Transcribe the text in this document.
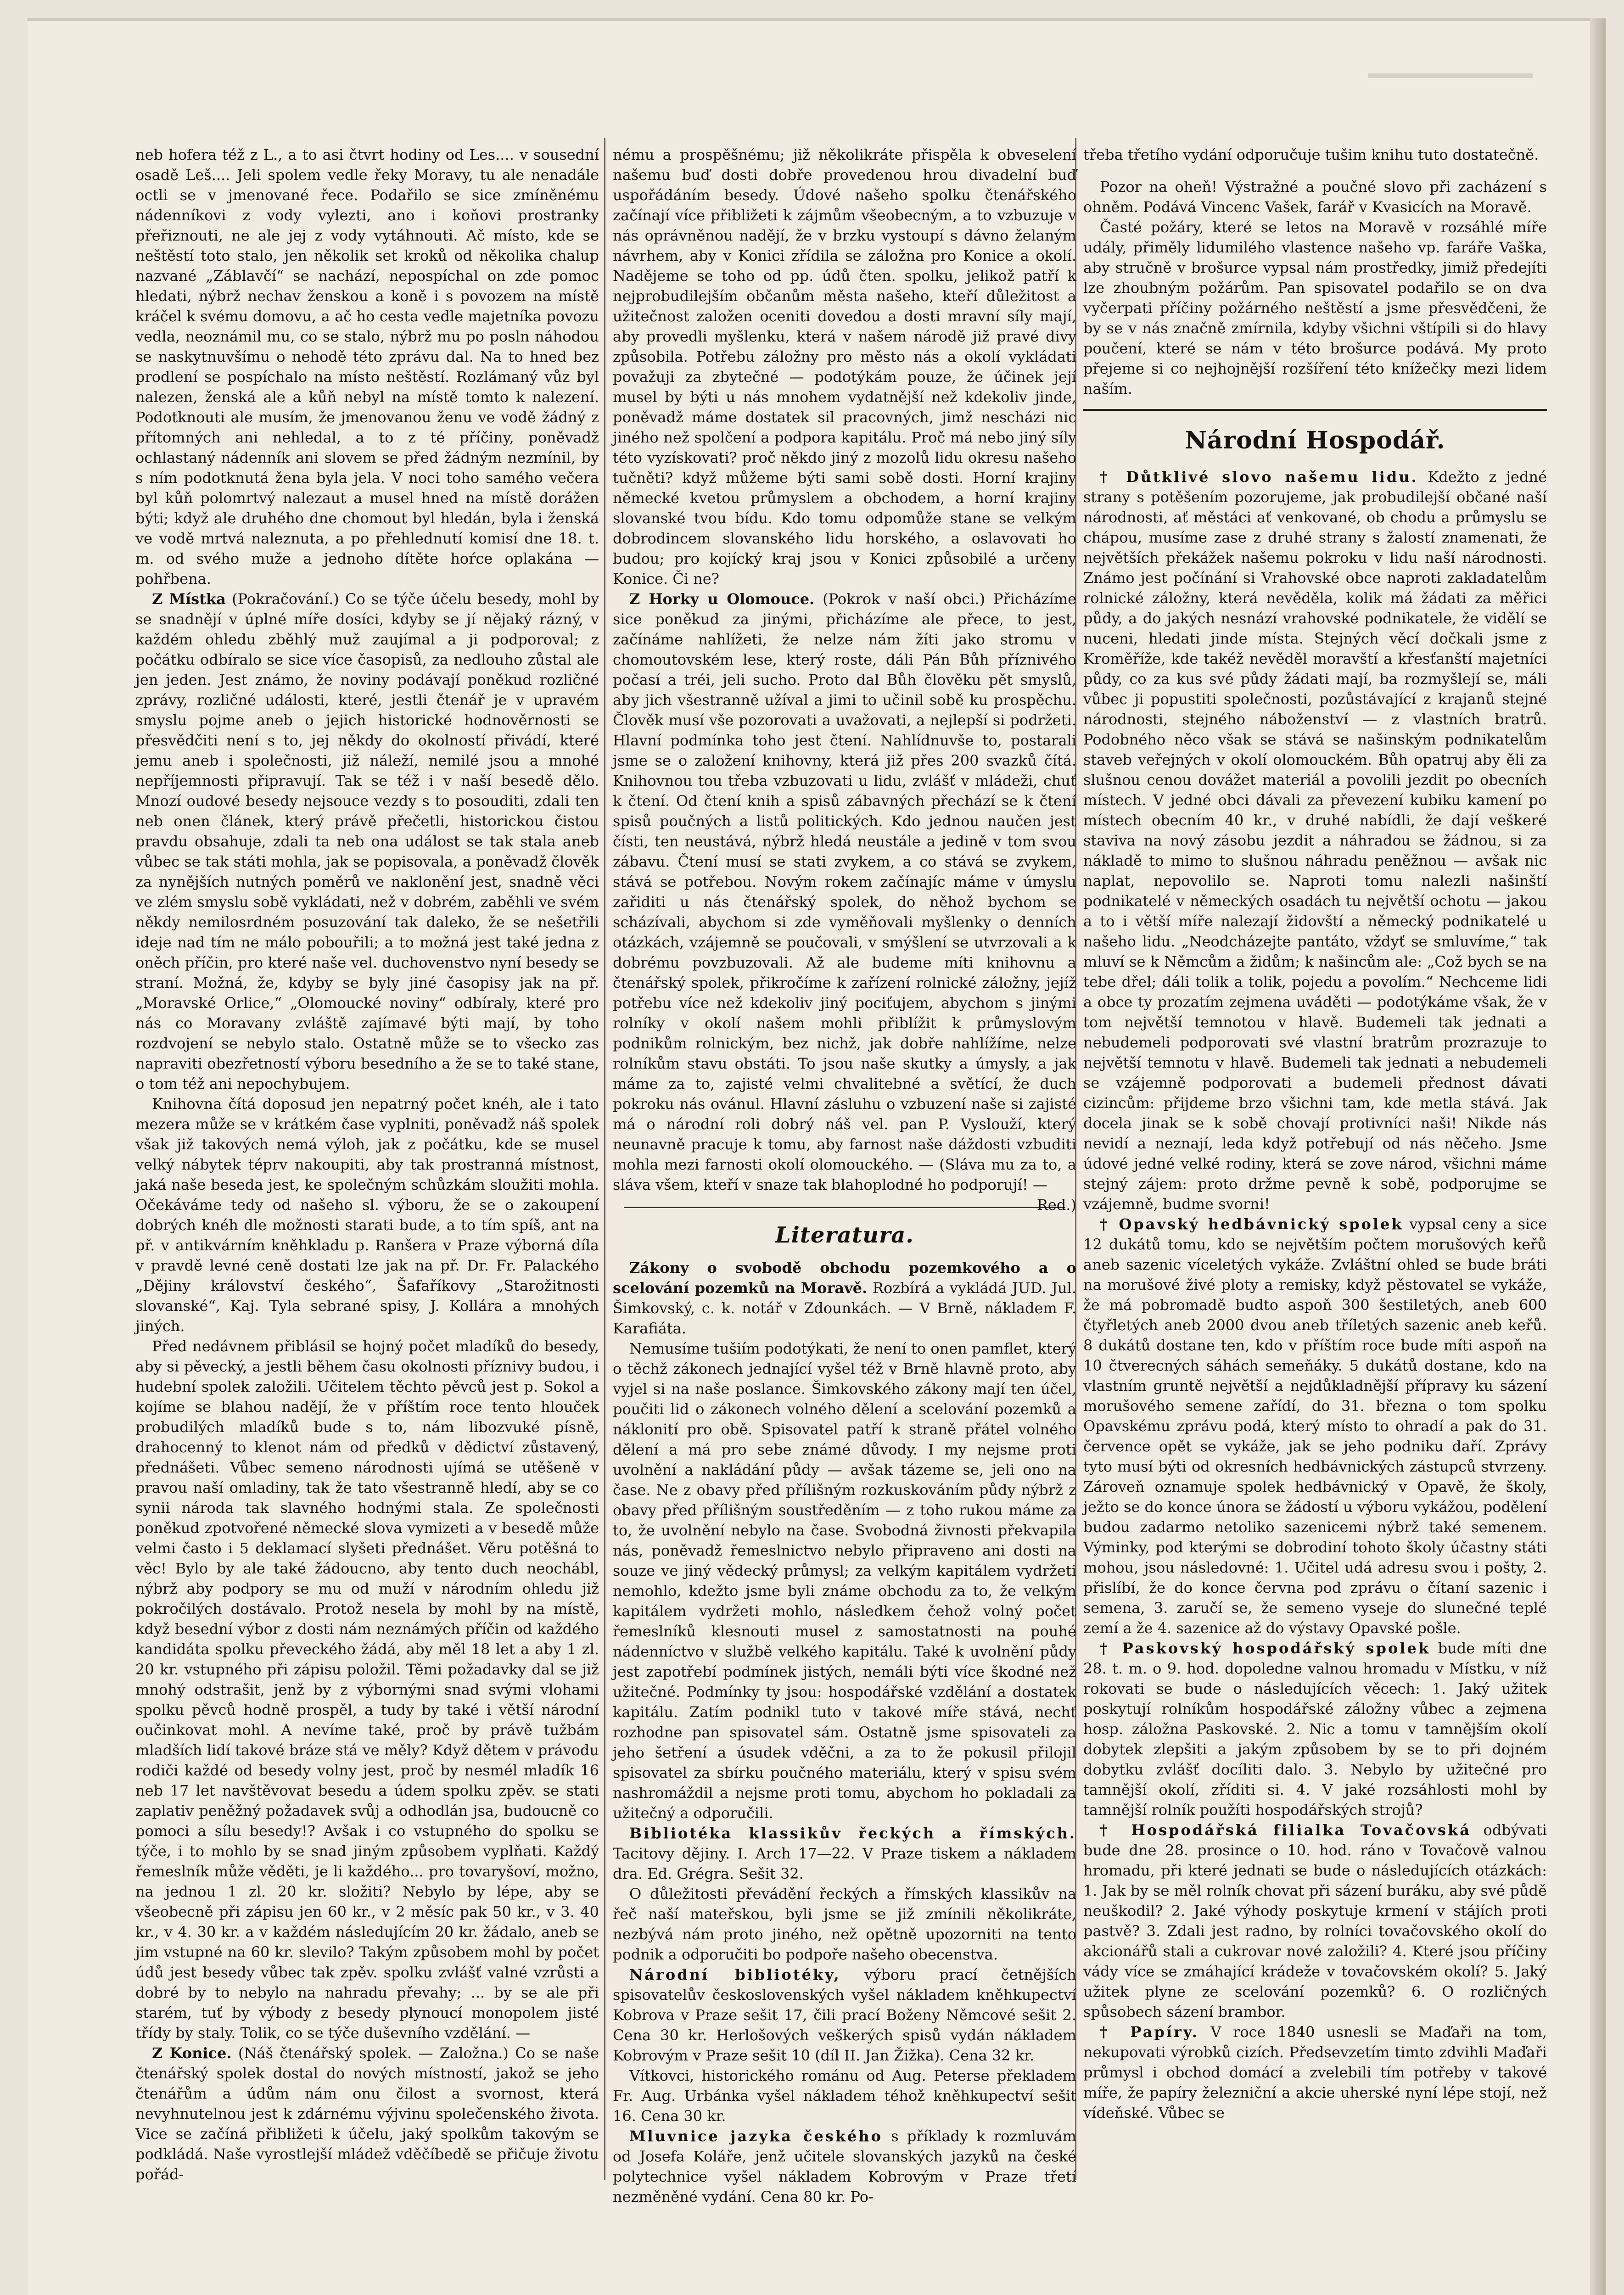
neb hofera též z L., a to asi čtvrt hodiny od Les.... v sousední osadě Leš.... Jeli spolem vedle řeky Moravy, tu ale nenadále octli se v jmenované řece. Podařilo se sice zmíněnému nádenníkovi z vody vylezti, ano i koňovi prostranky přeřiznouti, ne ale jej z vody vytáhnouti. Ač místo, kde se neštěstí toto stalo, jen několik set kroků od několika chalup nazvané „Záblavčí“ se nachází, nepospíchal on zde pomoc hledati, nýbrž nechav ženskou a koně i s povozem na místě kráčel k svému domovu, a ač ho cesta vedle majetníka povozu vedla, neoznámil mu, co se stalo, nýbrž mu po posln náhodou se naskytnuvšímu o nehodě této zprávu dal. Na to hned bez prodlení se pospíchalo na místo neštěstí. Rozlámaný vůz byl nalezen, ženská ale a kůň nebyl na místě tomto k nalezení. Podotknouti ale musím, že jmenovanou ženu ve vodě žádný z přítomných ani nehledal, a to z té příčiny, poněvadž ochlastaný nádenník ani slovem se před žádným nezmínil, by s ním podotknutá žena byla jela. V noci toho samého večera byl kůň polomrtvý nalezaut a musel hned na místě dorážen býti; když ale druhého dne chomout byl hledán, byla i ženská ve vodě mrtvá naleznuta, a po přehlednutí komisí dne 18. t. m. od svého muže a jednoho dítěte hoŕce oplakána — pohřbena.

Z Místka (Pokračování.) Co se týče účelu besedy, mohl by se snadnějí v úplné míře dosíci, kdyby se jí nějaký rázný, v každém ohledu zběhlý muž zaujímal a ji podporoval; z počátku odbíralo se sice více časopisů, za nedlouho zůstal ale jen jeden. Jest známo, že noviny podávají poněkud rozličné zprávy, rozličné události, které, jestli čtenář je v upravém smyslu pojme aneb o jejich historické hodnověrnosti se přesvědčiti není s to, jej někdy do okolností přivádí, které jemu aneb i společnosti, již náleží, nemilé jsou a mnohé nepříjemnosti připravují. Tak se též i v naší besedě dělo. Mnozí oudové besedy nejsouce vezdy s to posouditi, zdali ten neb onen článek, který právě přečetli, historickou čistou pravdu obsahuje, zdali ta neb ona událost se tak stala aneb vůbec se tak státi mohla, jak se popisovala, a poněvadž člověk za nynějších nutných poměrů ve naklonění jest, snadně věci ve zlém smyslu sobě vykládati, než v dobrém, zaběhli ve svém někdy nemilosrdném posuzování tak daleko, že se nešetřili ideje nad tím ne málo pobouřili; a to možná jest také jedna z oněch příčin, pro které naše vel. duchovenstvo nyní besedy se straní. Možná, že, kdyby se byly jiné časopisy jak na př. „Moravské Orlice,“ „Olomoucké noviny“ odbíraly, které pro nás co Moravany zvláště zajímavé býti mají, by toho rozdvojení se nebylo stalo. Ostatně může se to všecko zas napraviti obezřetností výboru besedního a že se to také stane, o tom též ani nepochybujem.

Knihovna čítá doposud jen nepatrný počet knéh, ale i tato mezera může se v krátkém čase vyplniti, poněvadž náš spolek však již takových nemá výloh, jak z počátku, kde se musel velký nábytek téprv nakoupiti, aby tak prostranná místnost, jaká naše beseda jest, ke společným schůzkám sloužiti mohla. Očekáváme tedy od našeho sl. výboru, že se o zakoupení dobrých knéh dle možnosti starati bude, a to tím spíš, ant na př. v antikvárním kněhkladu p. Ranšera v Praze výborná díla v pravdě levné ceně dostati lze jak na př. Dr. Fr. Palackého „Dějiny království českého“, Šafaříkovy „Starožitnosti slovanské“, Kaj. Tyla sebrané spisy, J. Kollára a mnohých jiných.

Před nedávnem přiblásil se hojný počet mladíků do besedy, aby si pěvecký, a jestli během času okolnosti příznivy budou, i hudební spolek založili. Učitelem těchto pěvců jest p. Sokol a kojíme se blahou nadějí, že v příštím roce tento hlouček probudilých mladíků bude s to, nám libozvuké písně, drahocenný to klenot nám od předků v dědictví zůstavený, přednášeti. Vůbec semeno národnosti ujímá se utěšeně v pravou naší omladiny, tak že tato všestranně hledí, aby se co synii národa tak slavného hodnými stala. Ze společnosti poněkud zpotvořené německé slova vymizeti a v besedě může velmi často i 5 deklamací slyšeti přednášet. Věru potěšná to věc! Bylo by ale také žádoucno, aby tento duch neochábl, nýbrž aby podpory se mu od muží v národním ohledu již pokročilých dostávalo. Protož nesela by mohl by na místě, když besední výbor z dosti nám neznámých příčin od každého kandidáta spolku převeckého žádá, aby měl 18 let a aby 1 zl. 20 kr. vstupného při zápisu položil. Těmi požadavky dal se již mnohý odstrašit, jenž by z výbornými snad svými vlohami spolku pěvců hodně prospěl, a tudy by také i větší národní oučinkovat mohl. A nevíme také, proč by právě tužbám mladších lidí takové bráze stá ve měly? Když dětem v právodu rodiči každé od besedy volny jest, proč by nesmél mladík 16 neb 17 let navštěvovat besedu a údem spolku zpěv. se stati zaplativ peněžný požadavek svůj a odhodlán jsa, budoucně co pomoci a sílu besedy!? Avšak i co vstupného do spolku se týče, i to mohlo by se snad jiným způsobem vyplňati. Každý řemeslník může věděti, je li každého... pro tovaryšoví, možno, na jednou 1 zl. 20 kr. složiti? Nebylo by lépe, aby se všeobecně při zápisu jen 60 kr., v 2 měsíc pak 50 kr., v 3. 40 kr., v 4. 30 kr. a v každém následujícím 20 kr. žádalo, aneb se jim vstupné na 60 kr. slevilo? Takým způsobem mohl by počet údů jest besedy vůbec tak zpěv. spolku zvlášť valné vzrůsti a dobré by to nebylo na nahradu převahy; ... by se ale při starém, tuť by výbody z besedy plynoucí monopolem jisté třídy by staly. Tolik, co se týče duševního vzdělání. —

Z Konice. (Náš čtenářský spolek. — Založna.) Co se naše čtenářský spolek dostal do nových místností, jakož se jeho čtenářům a údům nám onu čilost a svornost, která nevyhnutelnou jest k zdárnému výjvinu společenského života. Vice se začíná přibližeti k účelu, jaký spolkům takovým se podkládá. Naše vyrostlejší mládež vděčíbedě se přičuje životu pořád-

nému a prospěšnému; již několikráte přispěla k obveselení našemu buď dosti dobře provedenou hrou divadelní buď uspořádáním besedy. Údové našeho spolku čtenářského začínají více přibližeti k zájmům všeobecným, a to vzbuzuje v nás oprávněnou nadějí, že v brzku vystoupí s dávno želaným návrhem, aby v Konici zřídila se záložna pro Konice a okolí. Nadějeme se toho od pp. údů čten. spolku, jelikož patří k nejprobudilejším občanům města našeho, kteří důležitost a užitečnost založen oceniti dovedou a dosti mravní síly mají, aby provedli myšlenku, která v našem národě již pravé divy způsobila. Potřebu záložny pro město nás a okolí vykládati považuji za zbytečné — podotýkám pouze, že účinek její musel by býti u nás mnohem vydatnější než kdekoliv jinde, poněvadž máme dostatek sil pracovných, jimž nescházi nic jiného než spolčení a podpora kapitálu. Proč má nebo jiný síly této vyzískovati? proč někdo jiný z mozolů lidu okresu našeho tučněti? když můžeme býti sami sobě dosti. Horní krajiny německé kvetou průmyslem a obchodem, a horní krajiny slovanské tvou bídu. Kdo tomu odpomůže stane se velkým dobrodincem slovanského lidu horského, a oslavovati ho budou; pro kojícký kraj jsou v Konici způsobilé a určeny Konice. Či ne?

Z Horky u Olomouce. (Pokrok v naší obci.) Přicházíme sice poněkud za jinými, přicházíme ale přece, to jest, začínáme nahlížeti, že nelze nám žíti jako stromu v chomoutovském lese, který roste, dáli Pán Bůh příznivého počasí a tréi, jeli sucho. Proto dal Bůh člověku pět smyslů, aby jich všestranně užíval a jimi to učinil sobě ku prospěchu. Člověk musí vše pozorovati a uvažovati, a nejlepší si podržeti. Hlavní podmínka toho jest čtení. Nahlídnuvše to, postarali jsme se o založení knihovny, která již přes 200 svazků čítá. Knihovnou tou třeba vzbuzovati u lidu, zvlášť v mládeži, chuť k čtení. Od čtení knih a spisů zábavných přechází se k čtení spisů poučných a listů politických. Kdo jednou naučen jest čísti, ten neustává, nýbrž hledá neustále a jedině v tom svou zábavu. Čtení musí se stati zvykem, a co stává se zvykem, stává se potřebou. Novým rokem začínajíc máme v úmyslu zařiditi u nás čtenářský spolek, do něhož bychom se scházívali, abychom si zde vyměňovali myšlenky o denních otázkách, vzájemně se poučovali, v smýšlení se utvrzovali a k dobrému povzbuzovali. Až ale budeme míti knihovnu a čtenářský spolek, přikročíme k zařízení rolnické záložny, jejíž potřebu více než kdekoliv jiný pociťujem, abychom s jinými rolníky v okolí našem mohli přiblížit k průmyslovým podnikům rolnickým, bez nichž, jak dobře nahlížíme, nelze rolníkům stavu obstáti. To jsou naše skutky a úmysly, a jak máme za to, zajisté velmi chvalitebné a světící, že duch pokroku nás ovánul. Hlavní zásluhu o vzbuzení naše si zajisté má o národní roli dobrý náš vel. pan P. Vyslouží, který neunavně pracuje k tomu, aby farnost naše dáždosti vzbuditi mohla mezi farnosti okolí olomouckého. — (Sláva mu za to, a sláva všem, kteří v snaze tak blahoplodné ho podporují! —
Red.)

Literatura.

Zákony o svobodě obchodu pozemkového a o scelování pozemků na Moravě. Rozbírá a vykládá JUD. Jul. Šimkovský, c. k. notář v Zdounkách. — V Brně, nákladem F. Karafiáta.

Nemusíme tušiím podotýkati, že není to onen pamflet, který o těchž zákonech jednající vyšel též v Brně hlavně proto, aby vyjel si na naše poslance. Šimkovského zákony mají ten účel, poučiti lid o zákonech volného dělení a scelování pozemků a náklonití pro obě. Spisovatel patří k straně přátel volného dělení a má pro sebe známé důvody. I my nejsme proti uvolnění a nakládání půdy — avšak tázeme se, jeli ono na čase. Ne z obavy před přílišným rozkuskováním půdy nýbrž z obavy před přílišným soustředěním — z toho rukou máme za to, že uvolnění nebylo na čase. Svobodná živnosti překvapila nás, poněvadž řemeslnictvo nebylo připraveno ani dosti na souze ve jiný vědecký průmysl; za velkým kapitálem vydržeti nemohlo, kdežto jsme byli známe obchodu za to, že velkým kapitálem vydržeti mohlo, následkem čehož volný počet řemeslníků klesnouti musel z samostatnosti na pouhé nádenníctvo v službě velkého kapitálu. Také k uvolnění půdy jest zapotřebí podmínek jistých, nemáli býti více škodné než užitečné. Podmínky ty jsou: hospodářské vzdělání a dostatek kapitálu. Zatím podnikl tuto v takové míře stává, nechť rozhodne pan spisovatel sám. Ostatně jsme spisovateli za jeho šetření a úsudek vděčni, a za to že pokusil přilojil spisovatel za sbírku poučného materiálu, který v spisu svém nashromáždil a nejsme proti tomu, abychom ho pokladali za užitečný a odporučili.

Bibliotéka klassikův řeckých a římských. Tacitovy dějiny. I. Arch 17—22. V Praze tiskem a nákladem dra. Ed. Grégra. Sešit 32.

O důležitosti převádění řeckých a římských klassikův na řeč naší mateřskou, byli jsme se již zmínili několikráte, nezbývá nám proto jiného, než opětně upozorniti na tento podnik a odporučiti bo podpoře našeho obecenstva.

Národní bibliotéky, výboru prací četnějších spisovatelův československých vyšel nákladem kněhkupectví Kobrova v Praze sešit 17, čili prací Boženy Němcové sešit 2. Cena 30 kr. Herlošových veškerých spisů vydán nákladem Kobrovým v Praze sešit 10 (díl II. Jan Žižka). Cena 32 kr.

Vítkovci, historického románu od Aug. Peterse překladem Fr. Aug. Urbánka vyšel nákladem téhož kněhkupectví sešit 16. Cena 30 kr.

Mluvnice jazyka českého s příklady k rozmluvám od Josefa Koláře, jenž učitele slovanských jazyků na české polytechnice vyšel nákladem Kobrovým v Praze třetí nezměněné vydání. Cena 80 kr. Po-

třeba třetího vydání odporučuje tušim knihu tuto dostatečně.

Pozor na oheň! Výstražné a poučné slovo při zacházení s ohněm. Podává Vincenc Vašek, farář v Kvasicích na Moravě.

Časté požáry, které se letos na Moravě v rozsáhlé míře udály, přiměly lidumilého vlastence našeho vp. faráře Vaška, aby stručně v brošurce vypsal nám prostředky, jimiž předejíti lze zhoubným požárům. Pan spisovatel podařilo se on dva vyčerpati příčiny požárného neštěstí a jsme přesvědčeni, že by se v nás značně zmírnila, kdyby všichni vštípili si do hlavy poučení, které se nám v této brošurce podává. My proto přejeme si co nejhojnější rozšíření této knížečky mezi lidem naším.

Národní Hospodář.

† Důtklivé slovo našemu lidu. Kdežto z jedné strany s potěšením pozorujeme, jak probudilejší občané naší národnosti, ať městáci ať venkované, ob chodu a průmyslu se chápou, musíme zase z druhé strany s žalostí znamenati, že největších překážek našemu pokroku v lidu naší národnosti. Známo jest počínání si Vrahovské obce naproti zakladatelům rolnické záložny, která nevěděla, kolik má žádati za měřici půdy, a do jakých nesnází vrahovské podnikatele, že vidělí se nuceni, hledati jinde místa. Stejných věcí dočkali jsme z Kroměříže, kde takéž nevěděl moravští a křesťanští majetníci půdy, co za kus své půdy žádati mají, ba rozmyšlejí se, máli vůbec ji popustiti společnosti, pozůstávající z krajanů stejné národnosti, stejného náboženství — z vlastních bratrů. Podobného něco však se stává se našinským podnikatelům staveb veřejných v okolí olomouckém. Bůh opatruj aby ěli za slušnou cenou dovážet materiál a povolili jezdit po obecních místech. V jedné obci dávali za převezení kubiku kamení po místech obecním 40 kr., v druhé nabídli, že dají veškeré staviva na nový zásobu jezdit a náhradou se žádnou, si za nákladě to mimo to slušnou náhradu peněžnou — avšak nic naplat, nepovolilo se. Naproti tomu nalezli našinští podnikatelé v německých osadách tu největší ochotu — jakou a to i větší míře nalezají židovští a německý podnikatelé u našeho lidu. „Neodcházejte pantáto, vždyť se smluvíme,“ tak mluví se k Němcům a židům; k našincům ale: „Což bych se na tebe dřel; dáli tolik a tolik, pojedu a povolím.“ Nechceme lidi a obce ty prozatím zejmena uváděti — podotýkáme však, že v tom největší temnotou v hlavě. Budemeli tak jednati a nebudemeli podporovati své vlastní bratrům prozrazuje to největší temnotu v hlavě. Budemeli tak jednati a nebudemeli se vzájemně podporovati a budemeli přednost dávati cizincům: přijdeme brzo všichni tam, kde metla stává. Jak docela jinak se k sobě chovají protivníci naši! Nikde nás nevidí a neznají, leda když potřebují od nás něčeho. Jsme údové jedné velké rodiny, která se zove národ, všichni máme stejný zájem: proto držme pevně k sobě, podporujme se vzájemně, budme svorni!

† Opavský hedbávnický spolek vypsal ceny a sice 12 dukátů tomu, kdo se největším počtem morušových keřů aneb sazenic víceletých vykáže. Zvláštní ohled se bude bráti na morušové živé ploty a remisky, když pěstovatel se vykáže, že má pobromadě budto aspoň 300 šestiletých, aneb 600 čtyřletých aneb 2000 dvou aneb tříletých sazenic aneb keřů. 8 dukátů dostane ten, kdo v příštím roce bude míti aspoň na 10 čtverecných sáhách semeňáky. 5 dukátů dostane, kdo na vlastním gruntě největší a nejdůkladnější přípravy ku sázení morušového semene zařídí, do 31. března o tom spolku Opavskému zprávu podá, který místo to ohradí a pak do 31. července opět se vykáže, jak se jeho podniku daří. Zprávy tyto musí býti od okresních hedbávnických zástupců stvrzeny. Zároveň oznamuje spolek hedbávnický v Opavě, že školy, ježto se do konce února se žádostí u výboru vykážou, podělení budou zadarmo netoliko sazenicemi nýbrž také semenem. Výminky, pod kterými se dobrodiní tohoto školy účastny státi mohou, jsou následovné: 1. Učitel udá adresu svou i pošty, 2. přislíbí, že do konce června pod zprávu o čítaní sazenic i semena, 3. zaručí se, že semeno vyseje do slunečné teplé zemí a že 4. sazenice až do výstavy Opavské pošle.

† Paskovský hospodářský spolek bude míti dne 28. t. m. o 9. hod. dopoledne valnou hromadu v Místku, v níž rokovati se bude o následujících věcech: 1. Jaký užitek poskytují rolníkům hospodářské záložny vůbec a zejmena hosp. záložna Paskovské. 2. Nic a tomu v tamnějším okolí dobytek zlepšiti a jakým způsobem by se to při dojném dobytku zvlášť docíliti dalo. 3. Nebylo by užitečné pro tamnější okolí, zříditi si. 4. V jaké rozsáhlosti mohl by tamnější rolník použíti hospodářských strojů?

† Hospodářská filialka Tovačovská odbývati bude dne 28. prosince o 10. hod. ráno v Tovačově valnou hromadu, při které jednati se bude o následujících otázkách: 1. Jak by se měl rolník chovat při sázení buráku, aby své půdě neuškodil? 2. Jaké výhody poskytuje krmení v stájích proti pastvě? 3. Zdali jest radno, by rolníci tovačovského okolí do akcionářů stali a cukrovar nové založili? 4. Které jsou příčiny vády více se zmáhající krádeže v tovačovském okolí? 5. Jaký užitek plyne ze scelování pozemků? 6. O rozličných spůsobech sázení brambor.

† Papíry. V roce 1840 usnesli se Maďaři na tom, nekupovati výrobků cizích. Předsevzetím timto zdvihli Maďaři průmysl i obchod domácí a zvelebili tím potřeby v takové míře, že papíry železniční a akcie uherské nyní lépe stojí, než vídeňské. Vůbec se
